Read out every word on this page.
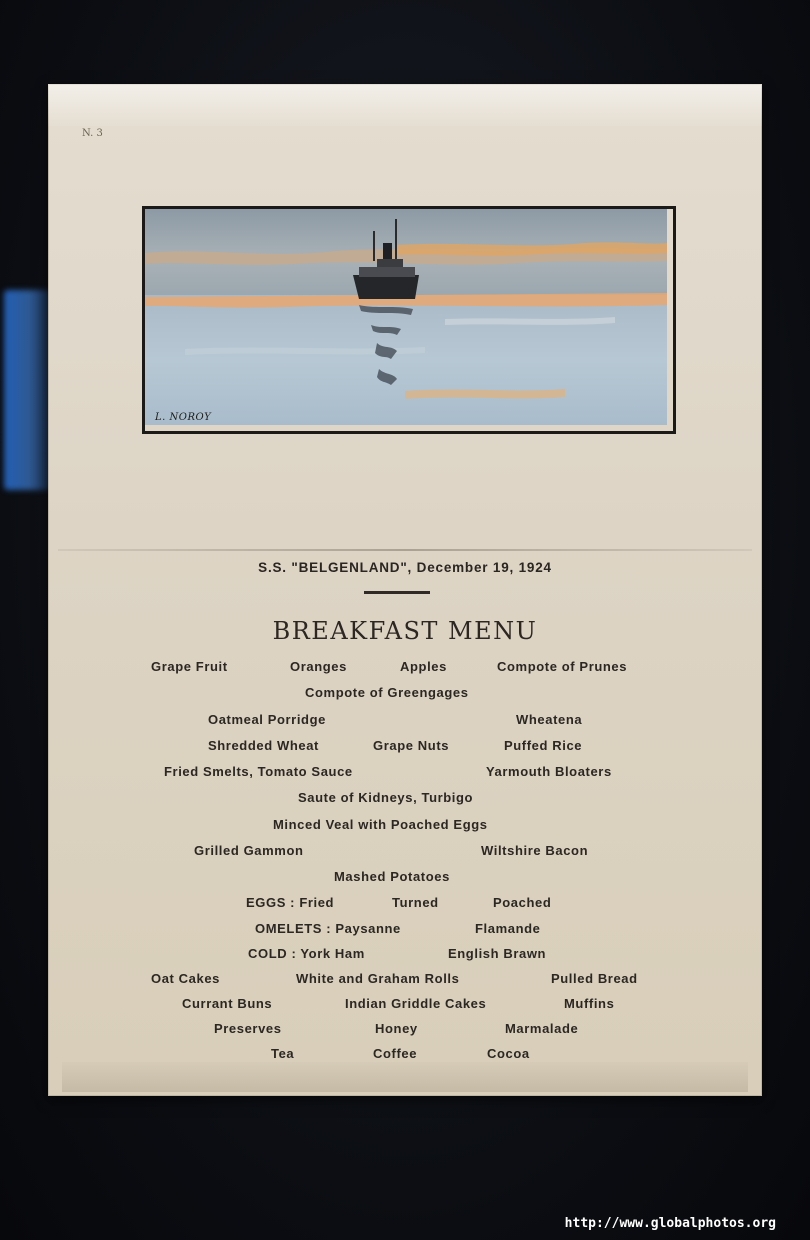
N. 3
L. NOROY
S.S. "BELGENLAND", December 19, 1924
BREAKFAST MENU
Grape Fruit	Oranges	Apples	Compote of Prunes
Compote of Greengages
Oatmeal Porridge	Wheatena
Shredded Wheat	Grape Nuts	Puffed Rice
Fried Smelts, Tomato Sauce	Yarmouth Bloaters
Saute of Kidneys, Turbigo
Minced Veal with Poached Eggs
Grilled Gammon	Wiltshire Bacon
Mashed Potatoes
EGGS : Fried	Turned	Poached
OMELETS : Paysanne	Flamande
COLD : York Ham	English Brawn
Oat Cakes	White and Graham Rolls	Pulled Bread
Currant Buns	Indian Griddle Cakes	Muffins
Preserves	Honey	Marmalade
Tea	Coffee	Cocoa
http://www.globalphotos.org
